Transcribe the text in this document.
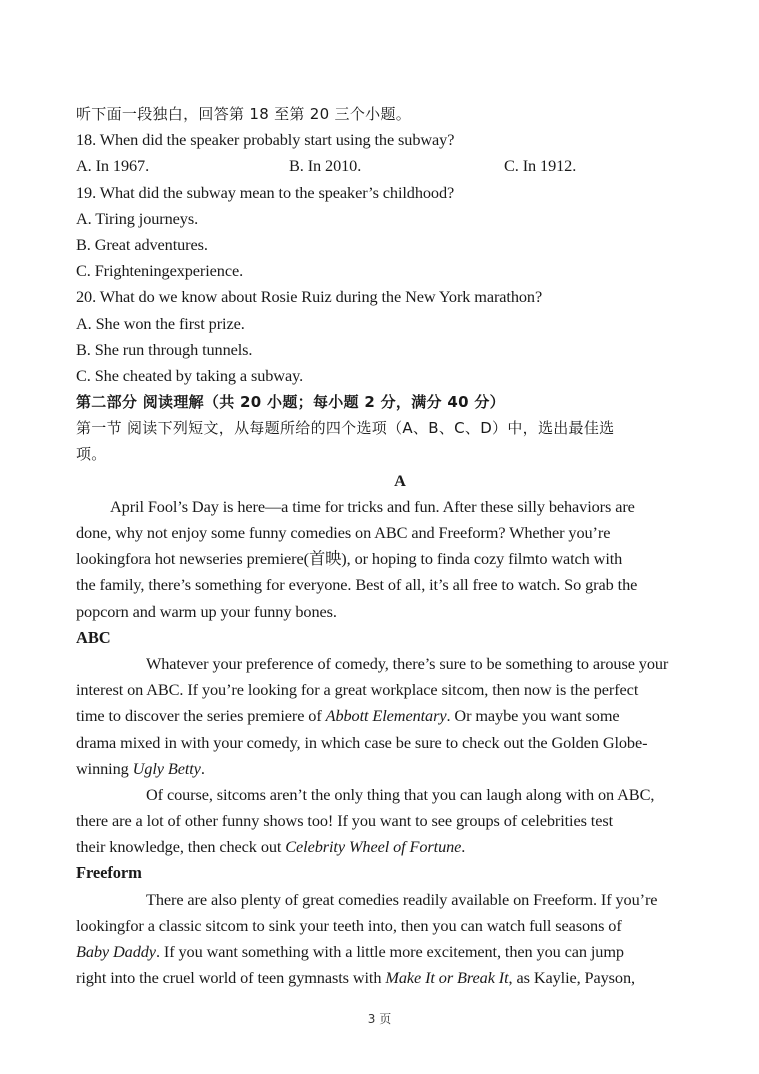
听下面一段独白，回答第 18 至第 20 三个小题。
18. When did the speaker probably start using the subway?
A. In 1967.	B. In 2010.	C. In 1912.
19. What did the subway mean to the speaker’s childhood?
A. Tiring journeys.
B. Great adventures.
C. Frighteningexperience.
20. What do we know about Rosie Ruiz during the New York marathon?
A. She won the first prize.
B. She run through tunnels.
C. She cheated by taking a subway.
第二部分 阅读理解（共 20 小题；每小题 2 分，满分 40 分）
第一节 阅读下列短文，从每题所给的四个选项（A、B、C、D）中，选出最佳选
项。
A
April Fool’s Day is here—a time for tricks and fun. After these silly behaviors are
done, why not enjoy some funny comedies on ABC and Freeform? Whether you’re
lookingfora hot newseries premiere(首映), or hoping to finda cozy filmto watch with
the family, there’s something for everyone. Best of all, it’s all free to watch. So grab the
popcorn and warm up your funny bones.
ABC
Whatever your preference of comedy, there’s sure to be something to arouse your
interest on ABC. If you’re looking for a great workplace sitcom, then now is the perfect
time to discover the series premiere of Abbott Elementary. Or maybe you want some
drama mixed in with your comedy, in which case be sure to check out the Golden Globe-
winning Ugly Betty.
Of course, sitcoms aren’t the only thing that you can laugh along with on ABC,
there are a lot of other funny shows too! If you want to see groups of celebrities test
their knowledge, then check out Celebrity Wheel of Fortune.
Freeform
There are also plenty of great comedies readily available on Freeform. If you’re
lookingfor a classic sitcom to sink your teeth into, then you can watch full seasons of
Baby Daddy. If you want something with a little more excitement, then you can jump
right into the cruel world of teen gymnasts with Make It or Break It, as Kaylie, Payson,
3 页
